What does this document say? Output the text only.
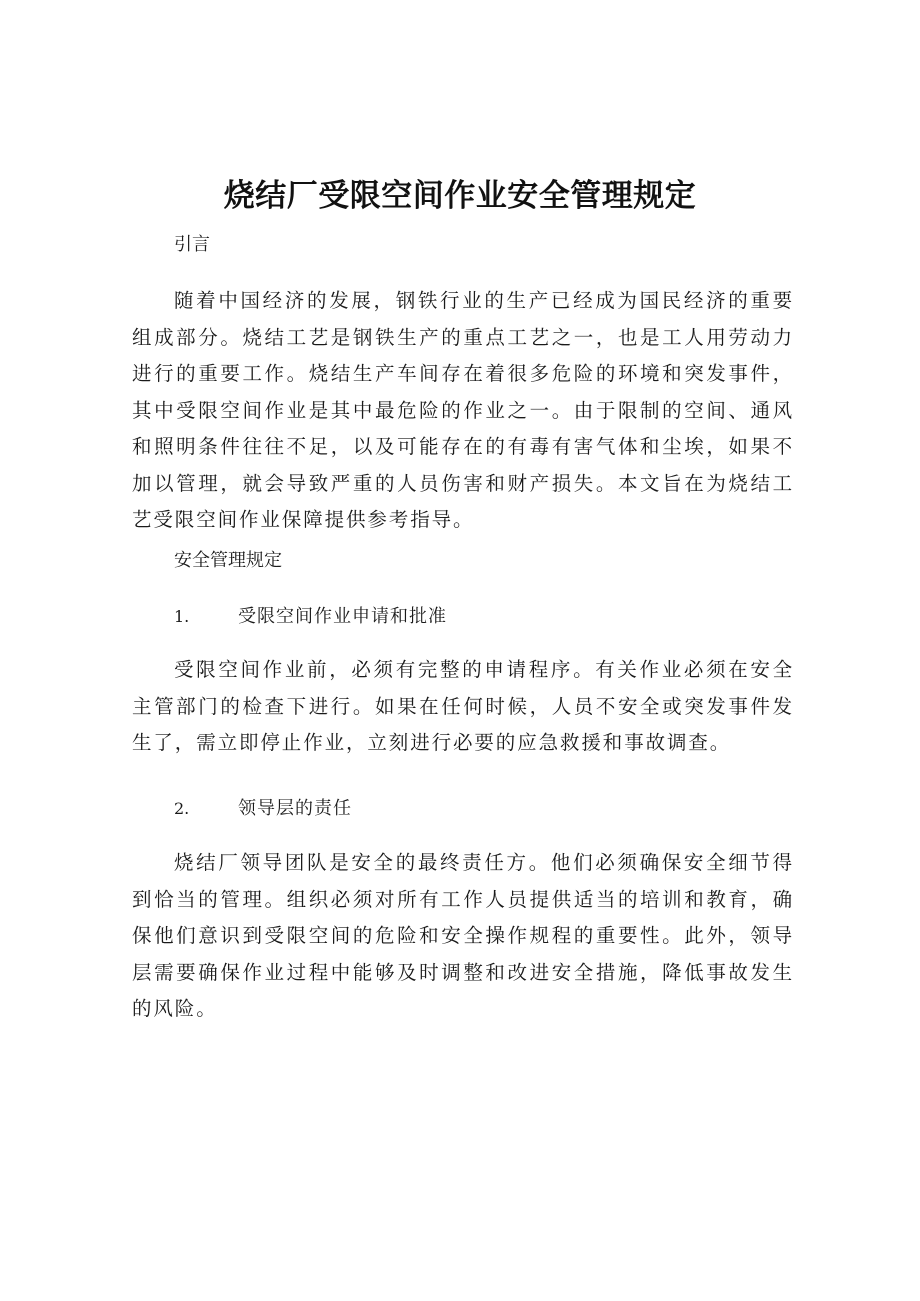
烧结厂受限空间作业安全管理规定
引言

随着中国经济的发展，钢铁行业的生产已经成为国民经济的重要组成部分。烧结工艺是钢铁生产的重点工艺之一，也是工人用劳动力进行的重要工作。烧结生产车间存在着很多危险的环境和突发事件，其中受限空间作业是其中最危险的作业之一。由于限制的空间、通风和照明条件往往不足，以及可能存在的有毒有害气体和尘埃，如果不加以管理，就会导致严重的人员伤害和财产损失。本文旨在为烧结工艺受限空间作业保障提供参考指导。

安全管理规定
1.	受限空间作业申请和批准

受限空间作业前，必须有完整的申请程序。有关作业必须在安全主管部门的检查下进行。如果在任何时候，人员不安全或突发事件发生了，需立即停止作业，立刻进行必要的应急救援和事故调查。

2.	领导层的责任

烧结厂领导团队是安全的最终责任方。他们必须确保安全细节得到恰当的管理。组织必须对所有工作人员提供适当的培训和教育，确保他们意识到受限空间的危险和安全操作规程的重要性。此外，领导层需要确保作业过程中能够及时调整和改进安全措施，降低事故发生的风险。
